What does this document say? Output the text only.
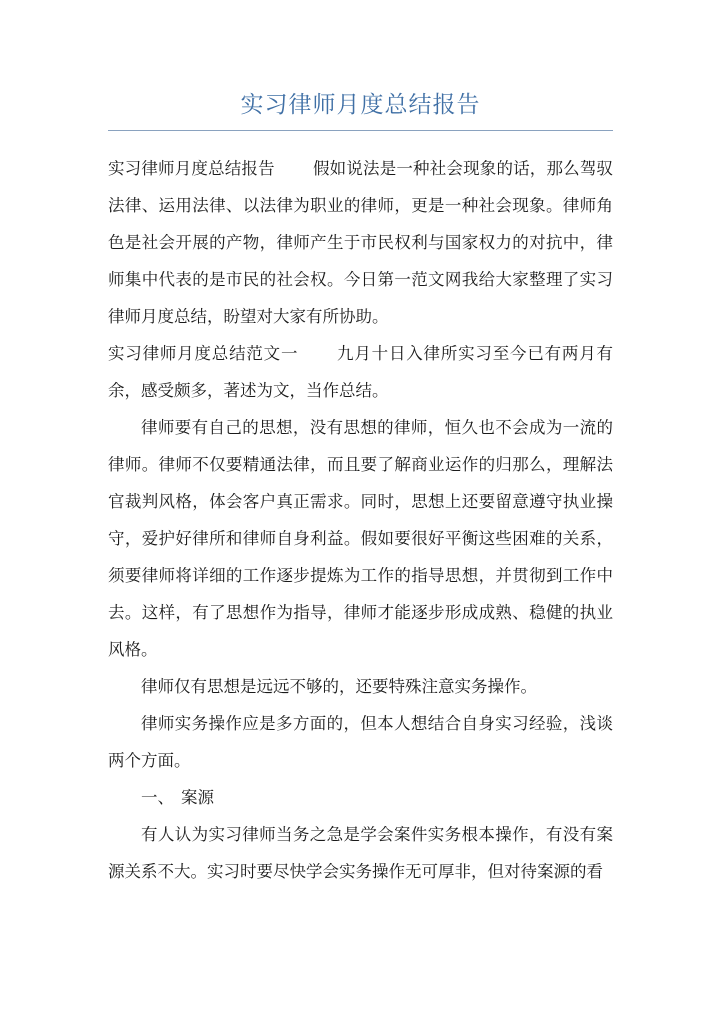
实习律师月度总结报告

实习律师月度总结报告 假如说法是一种社会现象的话，那么驾驭法律、运用法律、以法律为职业的律师，更是一种社会现象。律师角色是社会开展的产物，律师产生于市民权利与国家权力的对抗中，律师集中代表的是市民的社会权。今日第一范文网我给大家整理了实习律师月度总结，盼望对大家有所协助。

实习律师月度总结范文一 九月十日入律所实习至今已有两月有余，感受颇多，著述为文，当作总结。

律师要有自己的思想，没有思想的律师，恒久也不会成为一流的律师。律师不仅要精通法律，而且要了解商业运作的归那么，理解法官裁判风格，体会客户真正需求。同时，思想上还要留意遵守执业操守，爱护好律所和律师自身利益。假如要很好平衡这些困难的关系，须要律师将详细的工作逐步提炼为工作的指导思想，并贯彻到工作中去。这样，有了思想作为指导，律师才能逐步形成成熟、稳健的执业风格。

律师仅有思想是远远不够的，还要特殊注意实务操作。

律师实务操作应是多方面的，但本人想结合自身实习经验，浅谈两个方面。

一、 案源

有人认为实习律师当务之急是学会案件实务根本操作，有没有案源关系不大。实习时要尽快学会实务操作无可厚非，但对待案源的看
